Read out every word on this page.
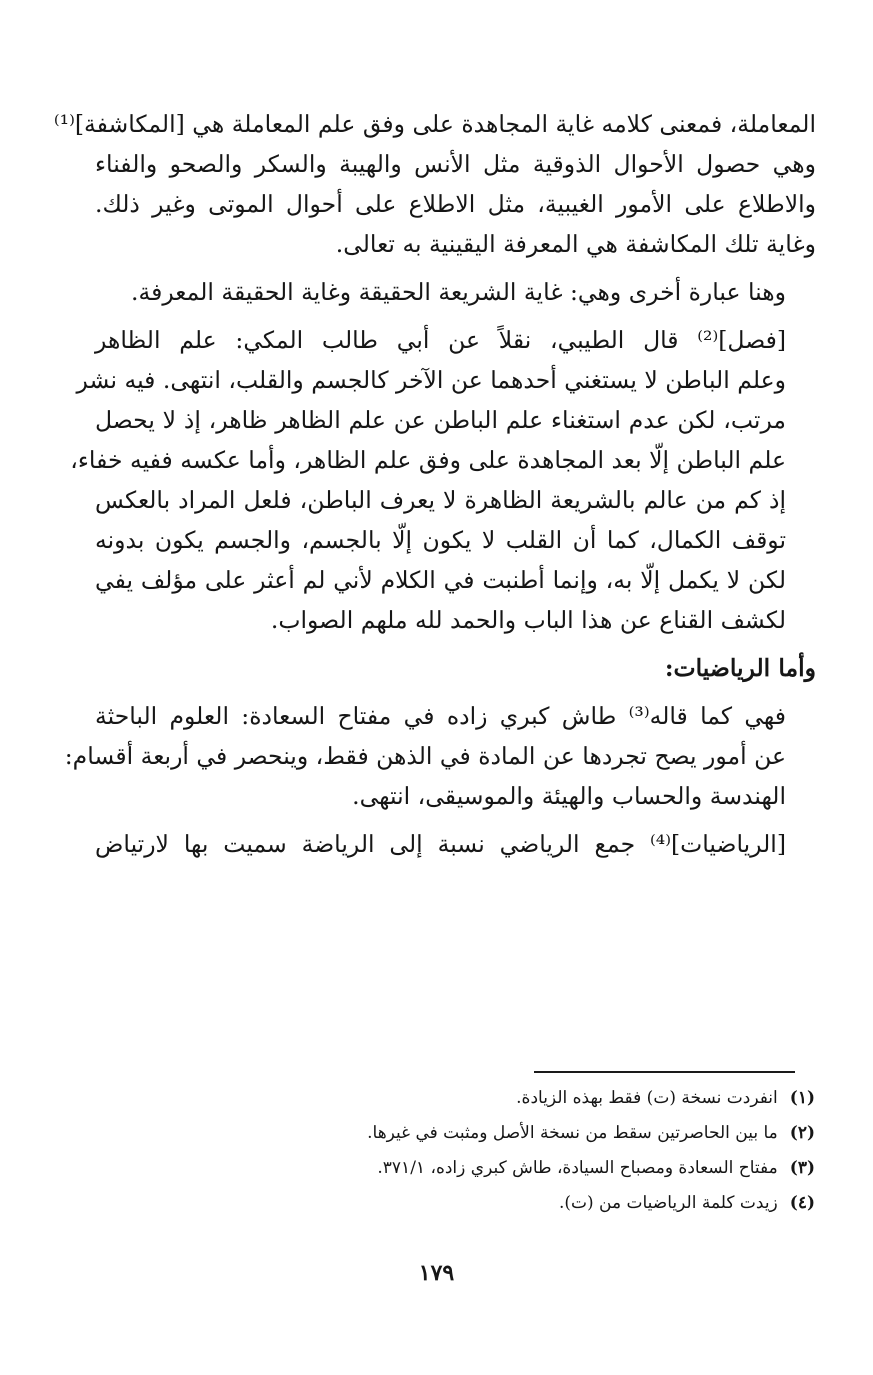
المعاملة، فمعنى كلامه غاية المجاهدة على وفق علم المعاملة هي [المكاشفة]⁽¹⁾
وهي حصول الأحوال الذوقية مثل الأنس والهيبة والسكر والصحو والفناء
والاطلاع على الأمور الغيبية، مثل الاطلاع على أحوال الموتى وغير ذلك.
وغاية تلك المكاشفة هي المعرفة اليقينية به تعالى.

وهنا عبارة أخرى وهي: غاية الشريعة الحقيقة وغاية الحقيقة المعرفة.

[فصل]⁽²⁾ قال الطيبي، نقلاً عن أبي طالب المكي: علم الظاهر
وعلم الباطن لا يستغني أحدهما عن الآخر كالجسم والقلب، انتهى. فيه نشر
مرتب، لكن عدم استغناء علم الباطن عن علم الظاهر ظاهر، إذ لا يحصل
علم الباطن إلّا بعد المجاهدة على وفق علم الظاهر، وأما عكسه ففيه خفاء،
إذ كم من عالم بالشريعة الظاهرة لا يعرف الباطن، فلعل المراد بالعكس
توقف الكمال، كما أن القلب لا يكون إلّا بالجسم، والجسم يكون بدونه
لكن لا يكمل إلّا به، وإنما أطنبت في الكلام لأني لم أعثر على مؤلف يفي
لكشف القناع عن هذا الباب والحمد لله ملهم الصواب.

وأما الرياضيات:

فهي كما قاله⁽³⁾ طاش كبري زاده في مفتاح السعادة: العلوم الباحثة
عن أمور يصح تجردها عن المادة في الذهن فقط، وينحصر في أربعة أقسام:
الهندسة والحساب والهيئة والموسيقى، انتهى.

[الرياضيات]⁽⁴⁾ جمع الرياضي نسبة إلى الرياضة سميت بها لارتياض

(١)انفردت نسخة (ت) فقط بهذه الزيادة.
(٢)ما بين الحاصرتين سقط من نسخة الأصل ومثبت في غيرها.
(٣)مفتاح السعادة ومصباح السيادة، طاش كبري زاده، ٣٧١/١.
(٤)زيدت كلمة الرياضيات من (ت).
١٧٩
